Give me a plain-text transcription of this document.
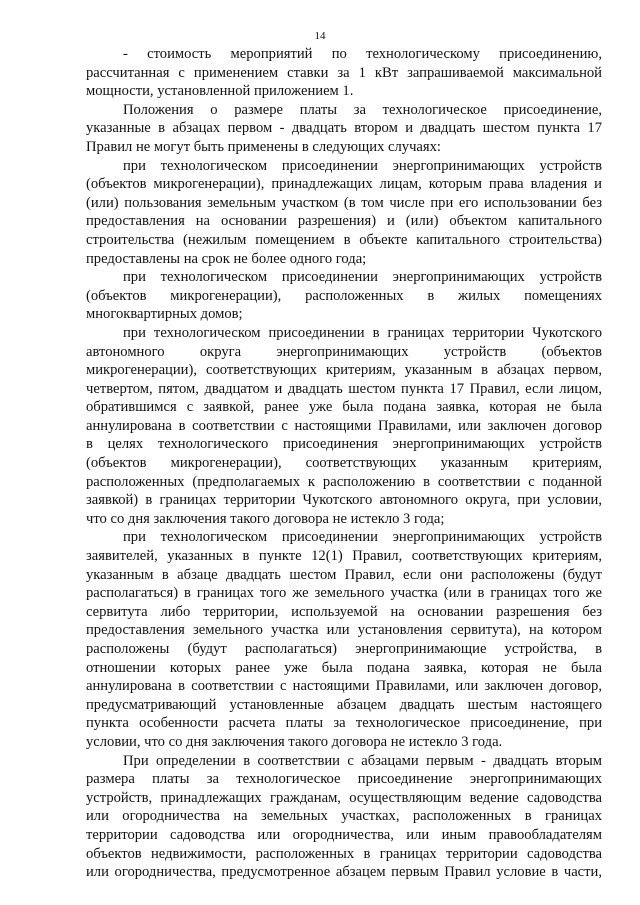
14

- стоимость мероприятий по технологическому присоединению,
рассчитанная с применением ставки за 1 кВт запрашиваемой максимальной
мощности, установленной приложением 1.

Положения о размере платы за технологическое присоединение,
указанные в абзацах первом - двадцать втором и двадцать шестом пункта 17
Правил не могут быть применены в следующих случаях:

при технологическом присоединении энергопринимающих устройств
(объектов микрогенерации), принадлежащих лицам, которым права владения и
(или) пользования земельным участком (в том числе при его использовании без
предоставления на основании разрешения) и (или) объектом капитального
строительства (нежилым помещением в объекте капитального строительства)
предоставлены на срок не более одного года;

при технологическом присоединении энергопринимающих устройств
(объектов микрогенерации), расположенных в жилых помещениях
многоквартирных домов;

при технологическом присоединении в границах территории Чукотского
автономного округа энергопринимающих устройств (объектов
микрогенерации), соответствующих критериям, указанным в абзацах первом,
четвертом, пятом, двадцатом и двадцать шестом пункта 17 Правил, если лицом,
обратившимся с заявкой, ранее уже была подана заявка, которая не была
аннулирована в соответствии с настоящими Правилами, или заключен договор
в целях технологического присоединения энергопринимающих устройств
(объектов микрогенерации), соответствующих указанным критериям,
расположенных (предполагаемых к расположению в соответствии с поданной
заявкой) в границах территории Чукотского автономного округа, при условии,
что со дня заключения такого договора не истекло 3 года;

при технологическом присоединении энергопринимающих устройств
заявителей, указанных в пункте 12(1) Правил, соответствующих критериям,
указанным в абзаце двадцать шестом Правил, если они расположены (будут
располагаться) в границах того же земельного участка (или в границах того же
сервитута либо территории, используемой на основании разрешения без
предоставления земельного участка или установления сервитута), на котором
расположены (будут располагаться) энергопринимающие устройства, в
отношении которых ранее уже была подана заявка, которая не была
аннулирована в соответствии с настоящими Правилами, или заключен договор,
предусматривающий установленные абзацем двадцать шестым настоящего
пункта особенности расчета платы за технологическое присоединение, при
условии, что со дня заключения такого договора не истекло 3 года.

При определении в соответствии с абзацами первым - двадцать вторым
размера платы за технологическое присоединение энергопринимающих
устройств, принадлежащих гражданам, осуществляющим ведение садоводства
или огородничества на земельных участках, расположенных в границах
территории садоводства или огородничества, или иным правообладателям
объектов недвижимости, расположенных в границах территории садоводства
или огородничества, предусмотренное абзацем первым Правил условие в части,
